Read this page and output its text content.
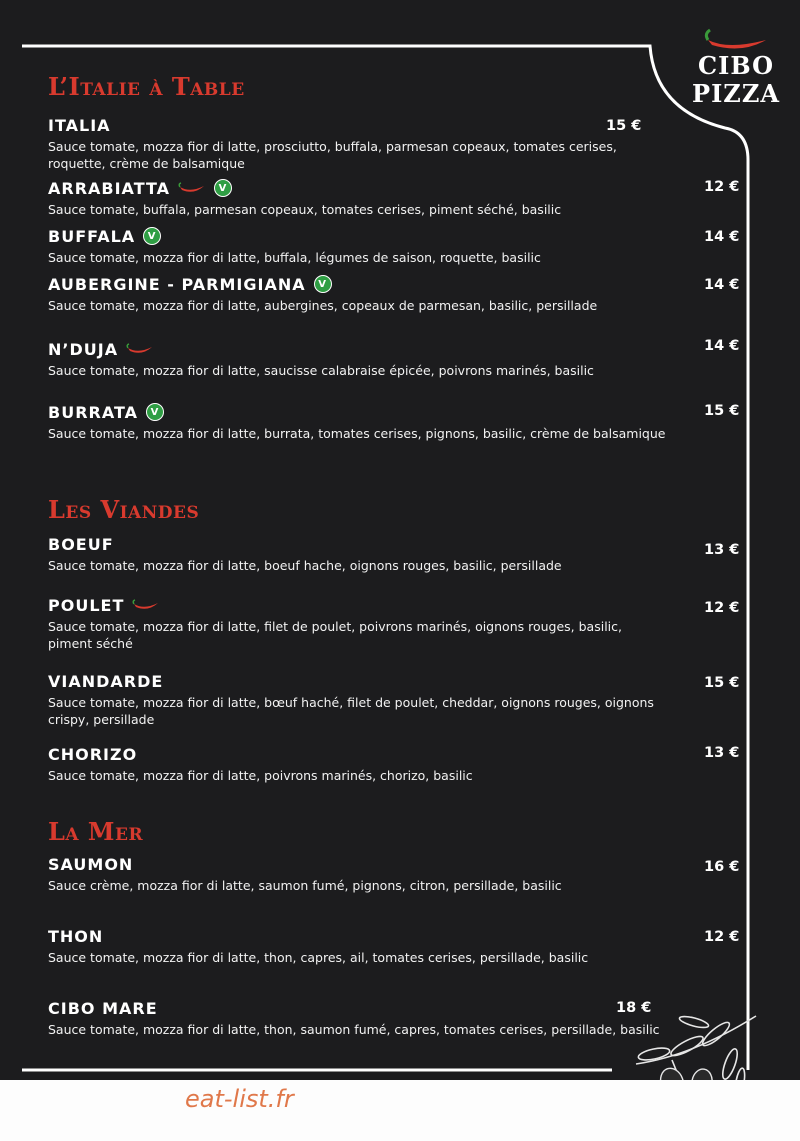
CIBO
PIZZA
L’Italie à Table
ITALIA
Sauce tomate, mozza fior di latte, prosciutto, buffala, parmesan copeaux, tomates cerises, roquette, crème de balsamique
15 €
ARRABIATTA	V
Sauce tomate, buffala, parmesan copeaux, tomates cerises, piment séché, basilic
12 €
BUFFALA	V
Sauce tomate, mozza fior di latte, buffala, légumes de saison, roquette, basilic
14 €
AUBERGINE - PARMIGIANA	V
Sauce tomate, mozza fior di latte, aubergines, copeaux de parmesan, basilic, persillade
14 €
N’DUJA
Sauce tomate, mozza fior di latte, saucisse calabraise épicée, poivrons marinés, basilic
14 €
BURRATA	V
Sauce tomate, mozza fior di latte, burrata, tomates cerises, pignons, basilic, crème de balsamique
15 €
Les Viandes
BOEUF
Sauce tomate, mozza fior di latte, boeuf hache, oignons rouges, basilic, persillade
13 €
POULET
Sauce tomate, mozza fior di latte, filet de poulet, poivrons marinés, oignons rouges, basilic, piment séché
12 €
VIANDARDE
Sauce tomate, mozza fior di latte, bœuf haché, filet de poulet, cheddar, oignons rouges, oignons crispy, persillade
15 €
CHORIZO
Sauce tomate, mozza fior di latte, poivrons marinés, chorizo, basilic
13 €
La Mer
SAUMON
Sauce crème, mozza fior di latte, saumon fumé, pignons, citron, persillade, basilic
16 €
THON
Sauce tomate, mozza fior di latte, thon, capres, ail, tomates cerises, persillade, basilic
12 €
CIBO MARE
Sauce tomate, mozza fior di latte, thon, saumon fumé, capres, tomates cerises, persillade, basilic
18 €
eat-list.fr
